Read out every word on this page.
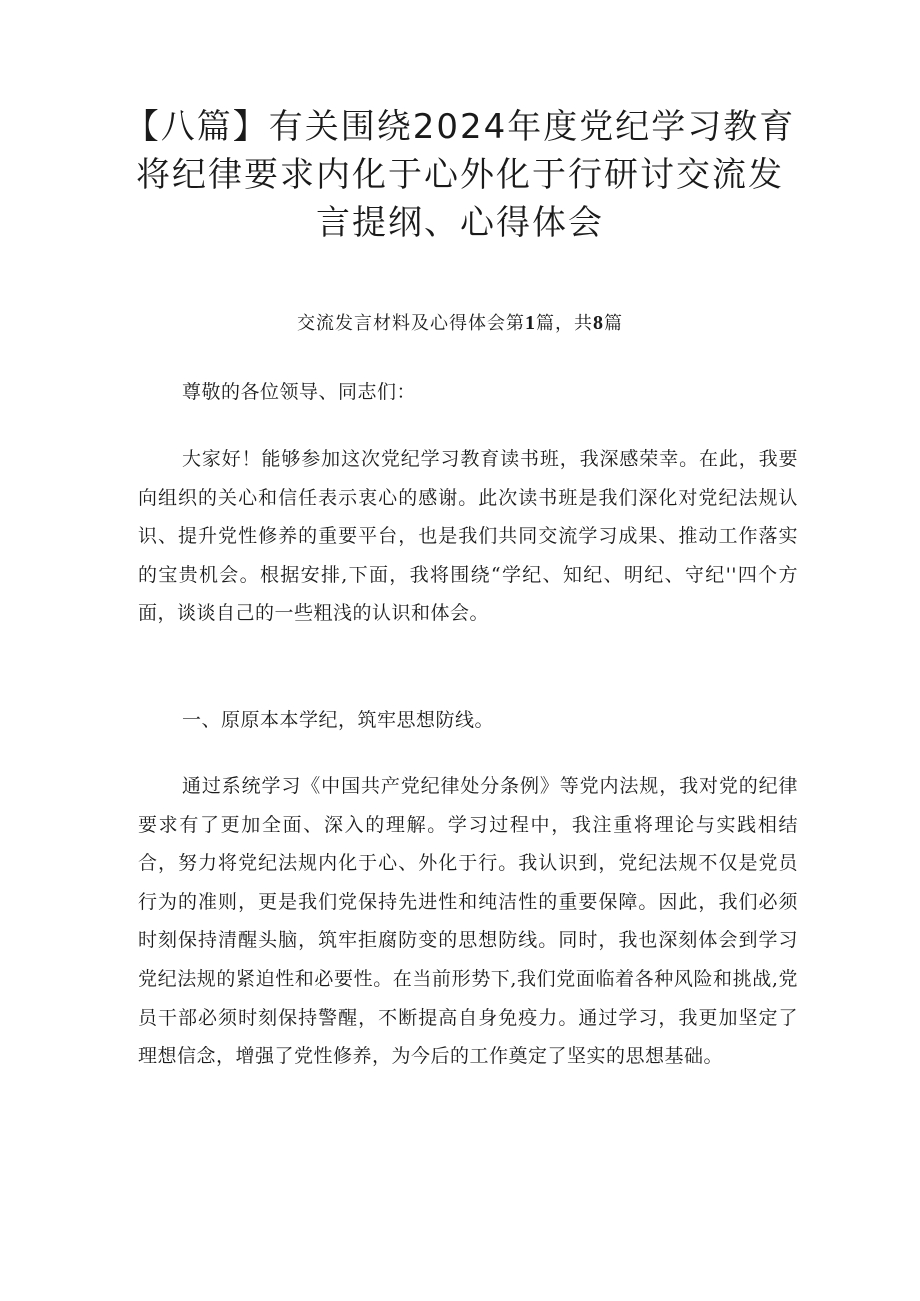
【八篇】有关围绕2024年度党纪学习教育
将纪律要求内化于心外化于行研讨交流发
言提纲、心得体会
交流发言材料及心得体会第1篇，共8篇

尊敬的各位领导、同志们：

大家好！能够参加这次党纪学习教育读书班，我深感荣幸。在此，我要向组织的关心和信任表示衷心的感谢。此次读书班是我们深化对党纪法规认识、提升党性修养的重要平台，也是我们共同交流学习成果、推动工作落实的宝贵机会。根据安排,下面，我将围绕“学纪、知纪、明纪、守纪''四个方面，谈谈自己的一些粗浅的认识和体会。

一、原原本本学纪，筑牢思想防线。

通过系统学习《中国共产党纪律处分条例》等党内法规，我对党的纪律要求有了更加全面、深入的理解。学习过程中，我注重将理论与实践相结合，努力将党纪法规内化于心、外化于行。我认识到，党纪法规不仅是党员行为的准则，更是我们党保持先进性和纯洁性的重要保障。因此，我们必须时刻保持清醒头脑，筑牢拒腐防变的思想防线。同时，我也深刻体会到学习党纪法规的紧迫性和必要性。在当前形势下,我们党面临着各种风险和挑战,党员干部必须时刻保持警醒，不断提高自身免疫力。通过学习，我更加坚定了理想信念，增强了党性修养，为今后的工作奠定了坚实的思想基础。
